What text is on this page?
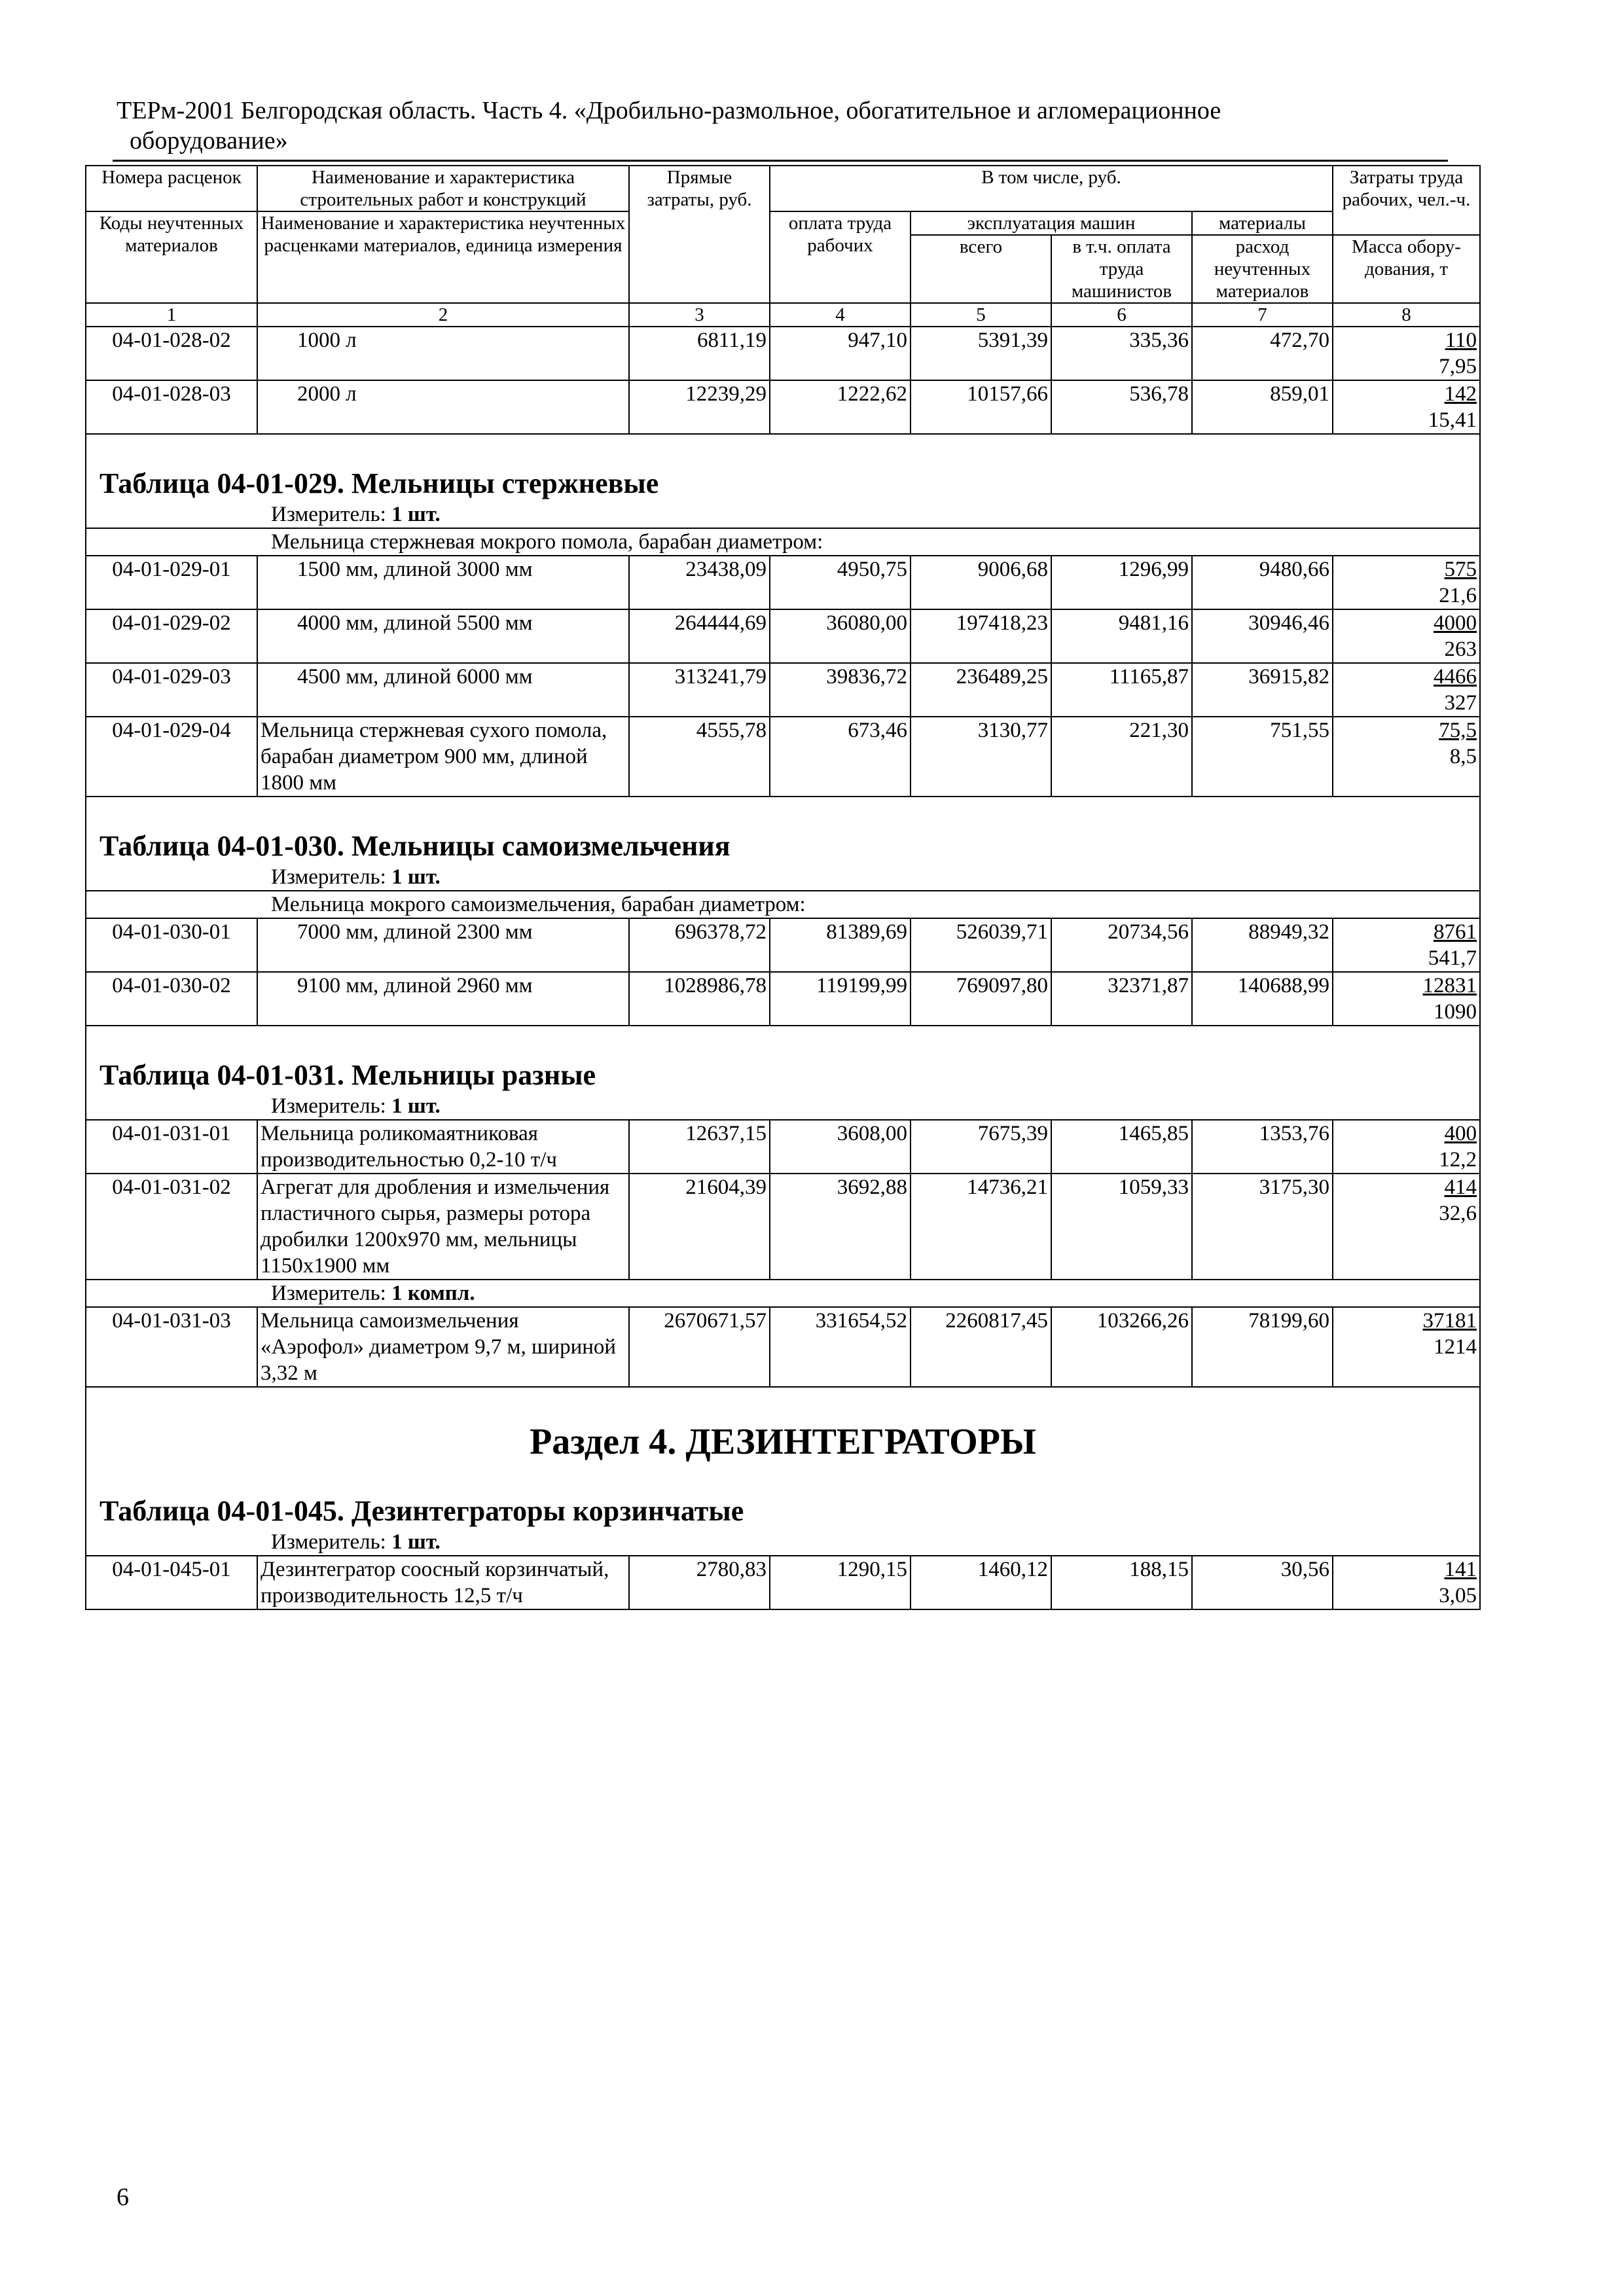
ТЕРм-2001 Белгородская область. Часть 4. «Дробильно-размольное, обогатительное и агломерационное
оборудование»
Номера расценок	Наименование и характеристика строительных работ и конструкций	Прямые затраты, руб.	В том числе, руб.				Затраты труда рабочих, чел.-ч.
Коды неучтенных материалов	Наименование и характеристика неучтенных расценками материалов, единица измерения		оплата труда рабочих	эксплуатация машин		материалы	
				всего	в т.ч. оплата труда машинистов	расход неучтенных материалов	
							Масса обору-дования, т
1	2	3	4	5	6	7	8
04-01-028-02	1000 л	6811,19	947,10	5391,39	335,36	472,70	110
7,95

04-01-028-03	2000 л	12239,29	1222,62	10157,66	536,78	859,01	142
15,41

Таблица 04-01-029. Мельницы стержневые
Измеритель: 1 шт.							

Мельница стержневая мокрого помола, барабан диаметром:							
04-01-029-01	1500 мм, длиной 3000 мм	23438,09	4950,75	9006,68	1296,99	9480,66	575
21,6

04-01-029-02	4000 мм, длиной 5500 мм	264444,69	36080,00	197418,23	9481,16	30946,46	4000
263

04-01-029-03	4500 мм, длиной 6000 мм	313241,79	39836,72	236489,25	11165,87	36915,82	4466
327

04-01-029-04	Мельница стержневая сухого помола, барабан диаметром 900 мм, длиной 1800 мм	4555,78	673,46	3130,77	221,30	751,55	75,5
8,5

Таблица 04-01-030. Мельницы самоизмельчения
Измеритель: 1 шт.							

Мельница мокрого самоизмельчения, барабан диаметром:							
04-01-030-01	7000 мм, длиной 2300 мм	696378,72	81389,69	526039,71	20734,56	88949,32	8761
541,7

04-01-030-02	9100 мм, длиной 2960 мм	1028986,78	119199,99	769097,80	32371,87	140688,99	12831
1090

Таблица 04-01-031. Мельницы разные
Измеритель: 1 шт.							

04-01-031-01	Мельница роликомаятниковая производительностью 0,2-10 т/ч	12637,15	3608,00	7675,39	1465,85	1353,76	400
12,2

04-01-031-02	Агрегат для дробления и измельчения пластичного сырья, размеры ротора дробилки 1200х970 мм, мельницы 1150х1900 мм	21604,39	3692,88	14736,21	1059,33	3175,30	414
32,6

Измеритель: 1 компл.							
04-01-031-03	Мельница самоизмельчения «Аэрофол» диаметром 9,7 м, шириной 3,32 м	2670671,57	331654,52	2260817,45	103266,26	78199,60	37181
1214

Раздел 4. ДЕЗИНТЕГРАТОРЫ
Таблица 04-01-045. Дезинтеграторы корзинчатые
Измеритель: 1 шт.							

04-01-045-01	Дезинтегратор соосный корзинчатый, производительность 12,5 т/ч	2780,83	1290,15	1460,12	188,15	30,56	141
3,05
6
